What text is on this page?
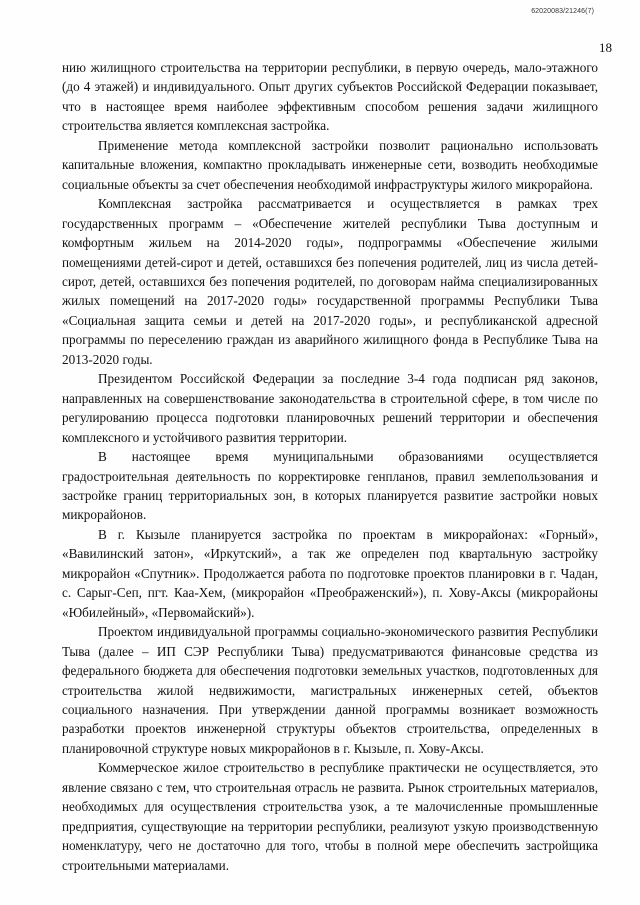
62020083/21246(7)
18

нию жилищного строительства на территории республики, в первую очередь, мало-этажного (до 4 этажей) и индивидуального. Опыт других субъектов Российской Федерации показывает, что в настоящее время наиболее эффективным способом решения задачи жилищного строительства является комплексная застройка.

Применение метода комплексной застройки позволит рационально использовать капитальные вложения, компактно прокладывать инженерные сети, возводить необходимые социальные объекты за счет обеспечения необходимой инфраструктуры жилого микрорайона.

Комплексная застройка рассматривается и осуществляется в рамках трех государственных программ – «Обеспечение жителей республики Тыва доступным и комфортным жильем на 2014-2020 годы», подпрограммы «Обеспечение жилыми помещениями детей-сирот и детей, оставшихся без попечения родителей, лиц из числа детей-сирот, детей, оставшихся без попечения родителей, по договорам найма специализированных жилых помещений на 2017-2020 годы» государственной программы Республики Тыва «Социальная защита семьи и детей на 2017-2020 годы», и республиканской адресной программы по переселению граждан из аварийного жилищного фонда в Республике Тыва на 2013-2020 годы.

Президентом Российской Федерации за последние 3-4 года подписан ряд законов, направленных на совершенствование законодательства в строительной сфере, в том числе по регулированию процесса подготовки планировочных решений территории и обеспечения комплексного и устойчивого развития территории.

В настоящее время муниципальными образованиями осуществляется градостроительная деятельность по корректировке генпланов, правил землепользования и застройке границ территориальных зон, в которых планируется развитие застройки новых микрорайонов.

В г. Кызыле планируется застройка по проектам в микрорайонах: «Горный», «Вавилинский затон», «Иркутский», а так же определен под квартальную застройку микрорайон «Спутник». Продолжается работа по подготовке проектов планировки в г. Чадан, с. Сарыг-Сеп, пгт. Каа-Хем, (микрорайон «Преображенский»), п. Хову-Аксы (микрорайоны «Юбилейный», «Первомайский»).

Проектом индивидуальной программы социально-экономического развития Республики Тыва (далее – ИП СЭР Республики Тыва) предусматриваются финансовые средства из федерального бюджета для обеспечения подготовки земельных участков, подготовленных для строительства жилой недвижимости, магистральных инженерных сетей, объектов социального назначения. При утверждении данной программы возникает возможность разработки проектов инженерной структуры объектов строительства, определенных в планировочной структуре новых микрорайонов в г. Кызыле, п. Хову-Аксы.

Коммерческое жилое строительство в республике практически не осуществляется, это явление связано с тем, что строительная отрасль не развита. Рынок строительных материалов, необходимых для осуществления строительства узок, а те малочисленные промышленные предприятия, существующие на территории республики, реализуют узкую производственную номенклатуру, чего не достаточно для того, чтобы в полной мере обеспечить застройщика строительными материалами.
